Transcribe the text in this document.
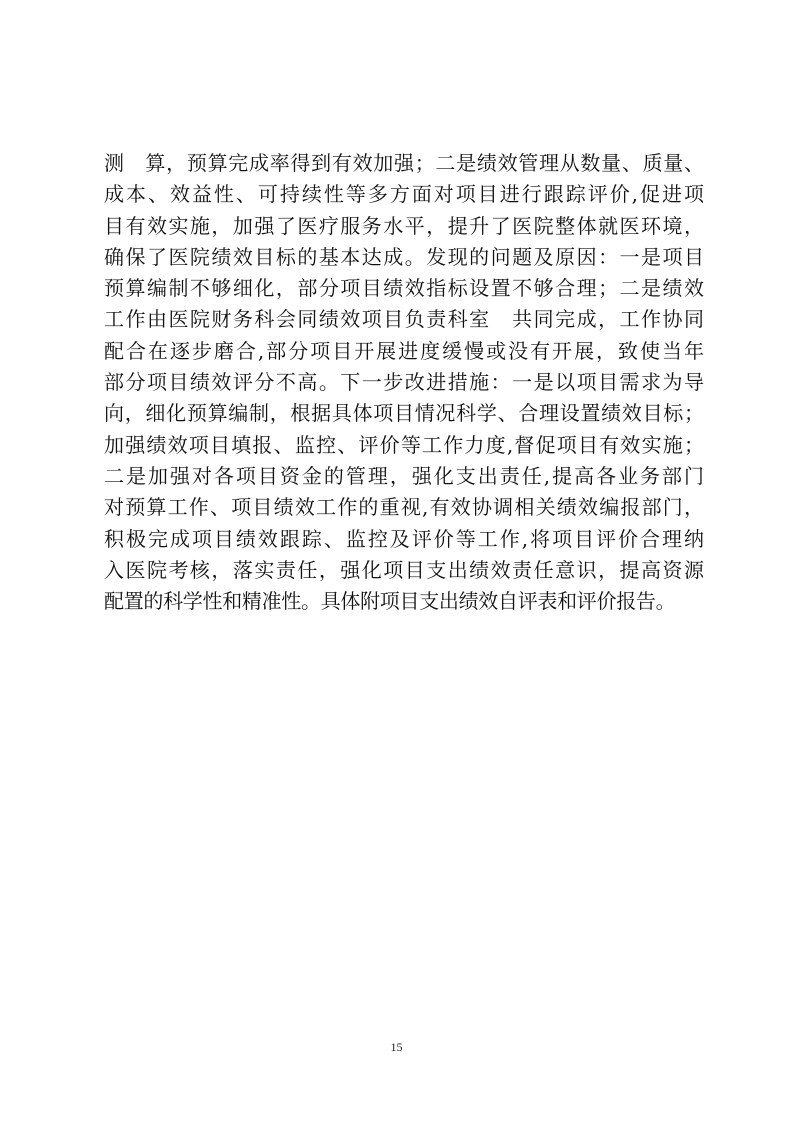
测　算，预算完成率得到有效加强；二是绩效管理从数量、质量、
成本、效益性、可持续性等多方面对项目进行跟踪评价,促进项
目有效实施，加强了医疗服务水平，提升了医院整体就医环境，
确保了医院绩效目标的基本达成。发现的问题及原因：一是项目
预算编制不够细化，部分项目绩效指标设置不够合理；二是绩效
工作由医院财务科会同绩效项目负责科室　共同完成，工作协同
配合在逐步磨合,部分项目开展进度缓慢或没有开展，致使当年
部分项目绩效评分不高。下一步改进措施：一是以项目需求为导
向，细化预算编制，根据具体项目情况科学、合理设置绩效目标；
加强绩效项目填报、监控、评价等工作力度,督促项目有效实施；
二是加强对各项目资金的管理，强化支出责任,提高各业务部门
对预算工作、项目绩效工作的重视,有效协调相关绩效编报部门，
积极完成项目绩效跟踪、监控及评价等工作,将项目评价合理纳
入医院考核，落实责任，强化项目支出绩效责任意识，提高资源
配置的科学性和精准性。具体附项目支出绩效自评表和评价报告。
15
